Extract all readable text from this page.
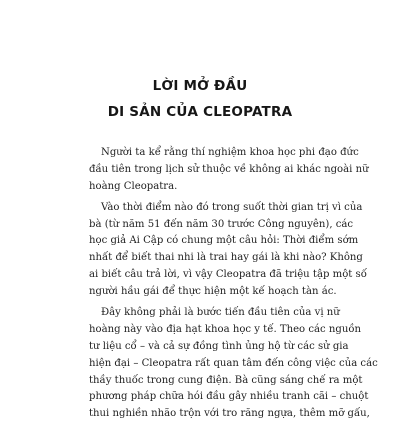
LỜI MỞ ĐẦU
DI SẢN CỦA CLEOPATRA
Người ta kể rằng thí nghiệm khoa học phi đạo đức
đầu tiên trong lịch sử thuộc về không ai khác ngoài nữ
hoàng Cleopatra.
Vào thời điểm nào đó trong suốt thời gian trị vì của
bà (từ năm 51 đến năm 30 trước Công nguyên), các
học giả Ai Cập có chung một câu hỏi: Thời điểm sớm
nhất để biết thai nhi là trai hay gái là khi nào? Không
ai biết câu trả lời, vì vậy Cleopatra đã triệu tập một số
người hầu gái để thực hiện một kế hoạch tàn ác.
Đây không phải là bước tiến đầu tiên của vị nữ
hoàng này vào địa hạt khoa học y tế. Theo các nguồn
tư liệu cổ – và cả sự đồng tình ủng hộ từ các sử gia
hiện đại – Cleopatra rất quan tâm đến công việc của các
thầy thuốc trong cung điện. Bà cũng sáng chế ra một
phương pháp chữa hói đầu gây nhiều tranh cãi – chuột
thui nghiền nhão trộn với tro răng ngựa, thêm mỡ gấu,
